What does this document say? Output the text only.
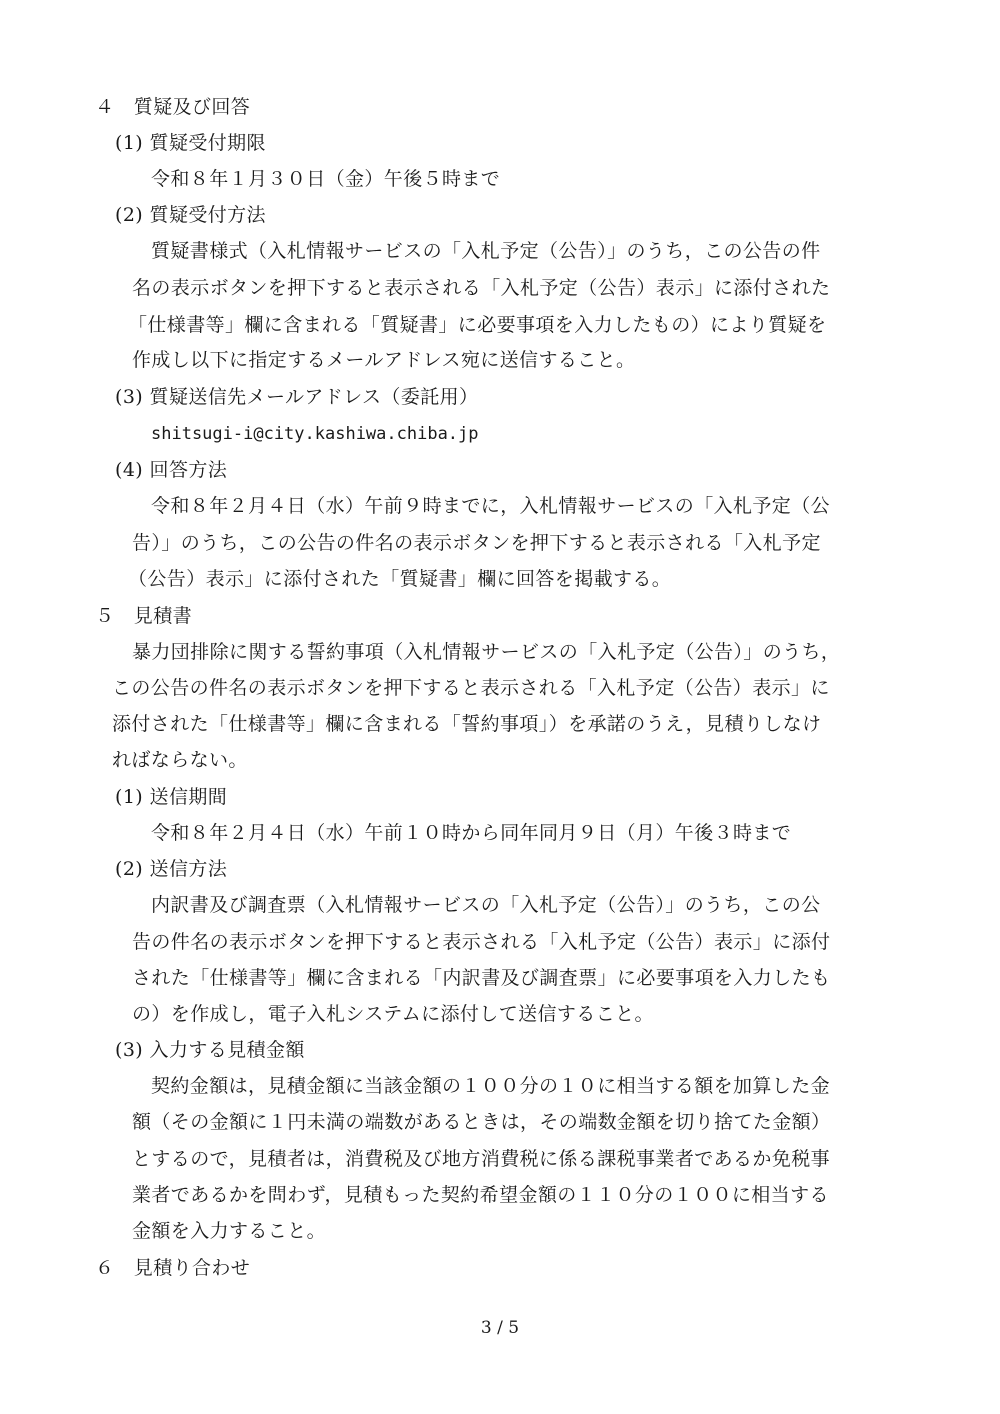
４　質疑及び回答
(1) 質疑受付期限
令和８年１月３０日（金）午後５時まで
(2) 質疑受付方法
質疑書様式（入札情報サービスの「入札予定（公告）」のうち，この公告の件
名の表示ボタンを押下すると表示される「入札予定（公告）表示」に添付された
「仕様書等」欄に含まれる「質疑書」に必要事項を入力したもの）により質疑を
作成し以下に指定するメールアドレス宛に送信すること。
(3) 質疑送信先メールアドレス（委託用）
shitsugi-i@city.kashiwa.chiba.jp
(4) 回答方法
令和８年２月４日（水）午前９時までに，入札情報サービスの「入札予定（公
告）」のうち，この公告の件名の表示ボタンを押下すると表示される「入札予定
（公告）表示」に添付された「質疑書」欄に回答を掲載する。
５　見積書
暴力団排除に関する誓約事項（入札情報サービスの「入札予定（公告）」のうち，
この公告の件名の表示ボタンを押下すると表示される「入札予定（公告）表示」に
添付された「仕様書等」欄に含まれる「誓約事項」）を承諾のうえ，見積りしなけ
ればならない。
(1) 送信期間
令和８年２月４日（水）午前１０時から同年同月９日（月）午後３時まで
(2) 送信方法
内訳書及び調査票（入札情報サービスの「入札予定（公告）」のうち，この公
告の件名の表示ボタンを押下すると表示される「入札予定（公告）表示」に添付
された「仕様書等」欄に含まれる「内訳書及び調査票」に必要事項を入力したも
の）を作成し，電子入札システムに添付して送信すること。
(3) 入力する見積金額
契約金額は，見積金額に当該金額の１００分の１０に相当する額を加算した金
額（その金額に１円未満の端数があるときは，その端数金額を切り捨てた金額）
とするので，見積者は，消費税及び地方消費税に係る課税事業者であるか免税事
業者であるかを問わず，見積もった契約希望金額の１１０分の１００に相当する
金額を入力すること。
６　見積り合わせ
3 / 5
